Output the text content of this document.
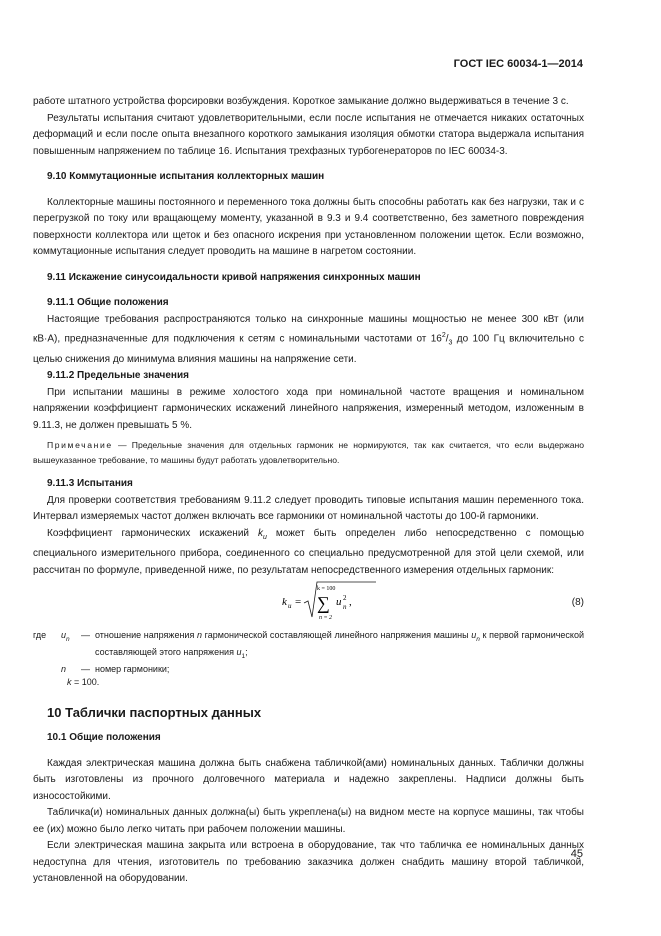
ГОСТ IEC 60034-1—2014

работе штатного устройства форсировки возбуждения. Короткое замыкание должно выдерживаться в течение 3 с.

Результаты испытания считают удовлетворительными, если после испытания не отмечается никаких остаточных деформаций и если после опыта внезапного короткого замыкания изоляция обмотки статора выдержала испытания повышенным напряжением по таблице 16. Испытания трехфазных турбогенераторов по IEC 60034-3.

9.10 Коммутационные испытания коллекторных машин

Коллекторные машины постоянного и переменного тока должны быть способны работать как без нагрузки, так и с перегрузкой по току или вращающему моменту, указанной в 9.3 и 9.4 соответственно, без заметного повреждения поверхности коллектора или щеток и без опасного искрения при установленном положении щеток. Если возможно, коммутационные испытания следует проводить на машине в нагретом состоянии.

9.11 Искажение синусоидальности кривой напряжения синхронных машин

9.11.1 Общие положения

Настоящие требования распространяются только на синхронные машины мощностью не менее 300 кВт (или кВ·А), предназначенные для подключения к сетям с номинальными частотами от $16^2/_3$ до 100 Гц включительно с целью снижения до минимума влияния машины на напряжение сети.

9.11.2 Предельные значения

При испытании машины в режиме холостого хода при номинальной частоте вращения и номинальном напряжении коэффициент гармонических искажений линейного напряжения, измеренный методом, изложенным в 9.11.3, не должен превышать 5 %.

Примечание — Предельные значения для отдельных гармоник не нормируются, так как считается, что если выдержано вышеуказанное требование, то машины будут работать удовлетворительно.

9.11.3 Испытания

Для проверки соответствия требованиям 9.11.2 следует проводить типовые испытания машин переменного тока. Интервал измеряемых частот должен включать все гармоники от номинальной частоты до 100-й гармоники.

Коэффициент гармонических искажений $k_u$ может быть определен либо непосредственно с помощью специального измерительного прибора, соединенного со специально предусмотренной для этой цели схемой, или рассчитан по формуле, приведенной ниже, по результатам непосредственного измерения отдельных гармоник:

k u =
k = 100
∑
n = 2
u 2
n ,	(8)
где	$u_n$	— отношение напряжения n гармонической составляющей линейного напряжения машины $u_n$ к первой гармонической составляющей этого напряжения $u_1$;
n	— номер гармоники;

k = 100.

10 Таблички паспортных данных

10.1 Общие положения

Каждая электрическая машина должна быть снабжена табличкой(ами) номинальных данных. Таблички должны быть изготовлены из прочного долговечного материала и надежно закреплены. Надписи должны быть износостойкими.

Табличка(и) номинальных данных должна(ы) быть укреплена(ы) на видном месте на корпусе машины, так чтобы ее (их) можно было легко читать при рабочем положении машины.

Если электрическая машина закрыта или встроена в оборудование, так что табличка ее номинальных данных недоступна для чтения, изготовитель по требованию заказчика должен снабдить машину второй табличкой, установленной на оборудовании.

45
